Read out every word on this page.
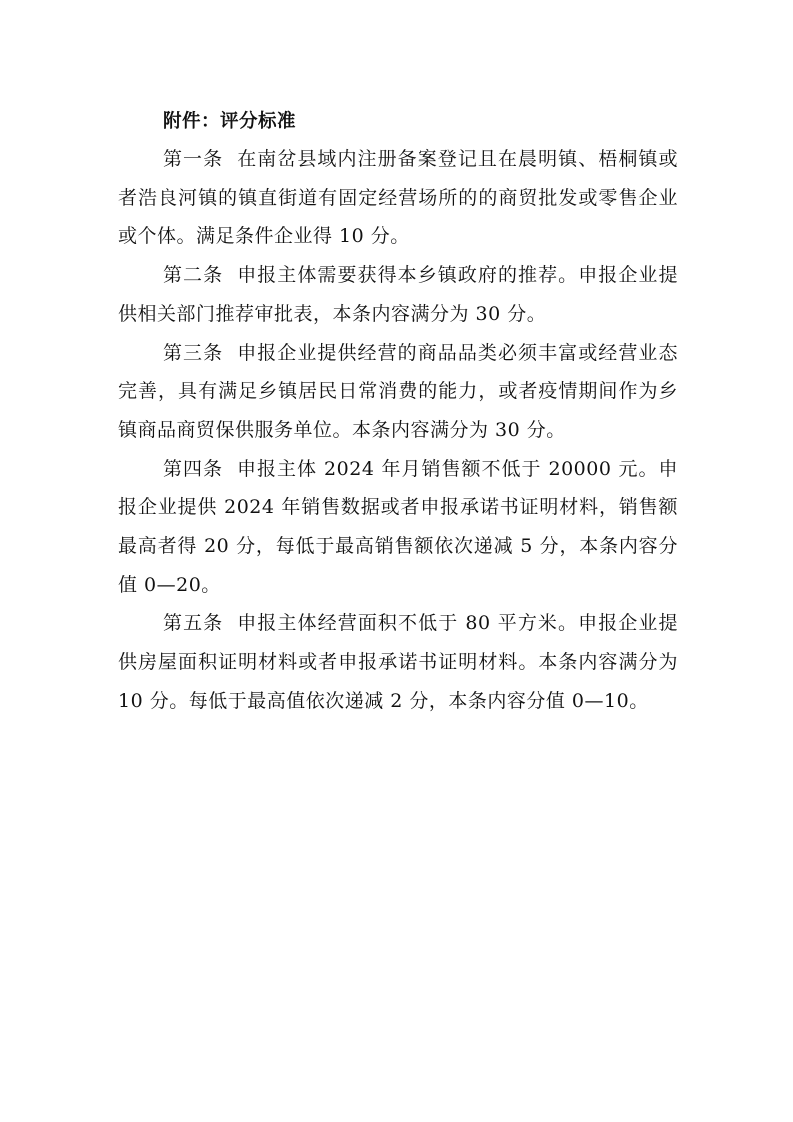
附件：评分标准

第一条 在南岔县域内注册备案登记且在晨明镇、梧桐镇或者浩良河镇的镇直街道有固定经营场所的的商贸批发或零售企业或个体。满足条件企业得 10 分。

第二条 申报主体需要获得本乡镇政府的推荐。申报企业提供相关部门推荐审批表，本条内容满分为 30 分。

第三条 申报企业提供经营的商品品类必须丰富或经营业态完善，具有满足乡镇居民日常消费的能力，或者疫情期间作为乡镇商品商贸保供服务单位。本条内容满分为 30 分。

第四条 申报主体 2024 年月销售额不低于 20000 元。申报企业提供 2024 年销售数据或者申报承诺书证明材料，销售额最高者得 20 分，每低于最高销售额依次递减 5 分，本条内容分值 0—20。

第五条 申报主体经营面积不低于 80 平方米。申报企业提供房屋面积证明材料或者申报承诺书证明材料。本条内容满分为 10 分。每低于最高值依次递减 2 分，本条内容分值 0—10。
